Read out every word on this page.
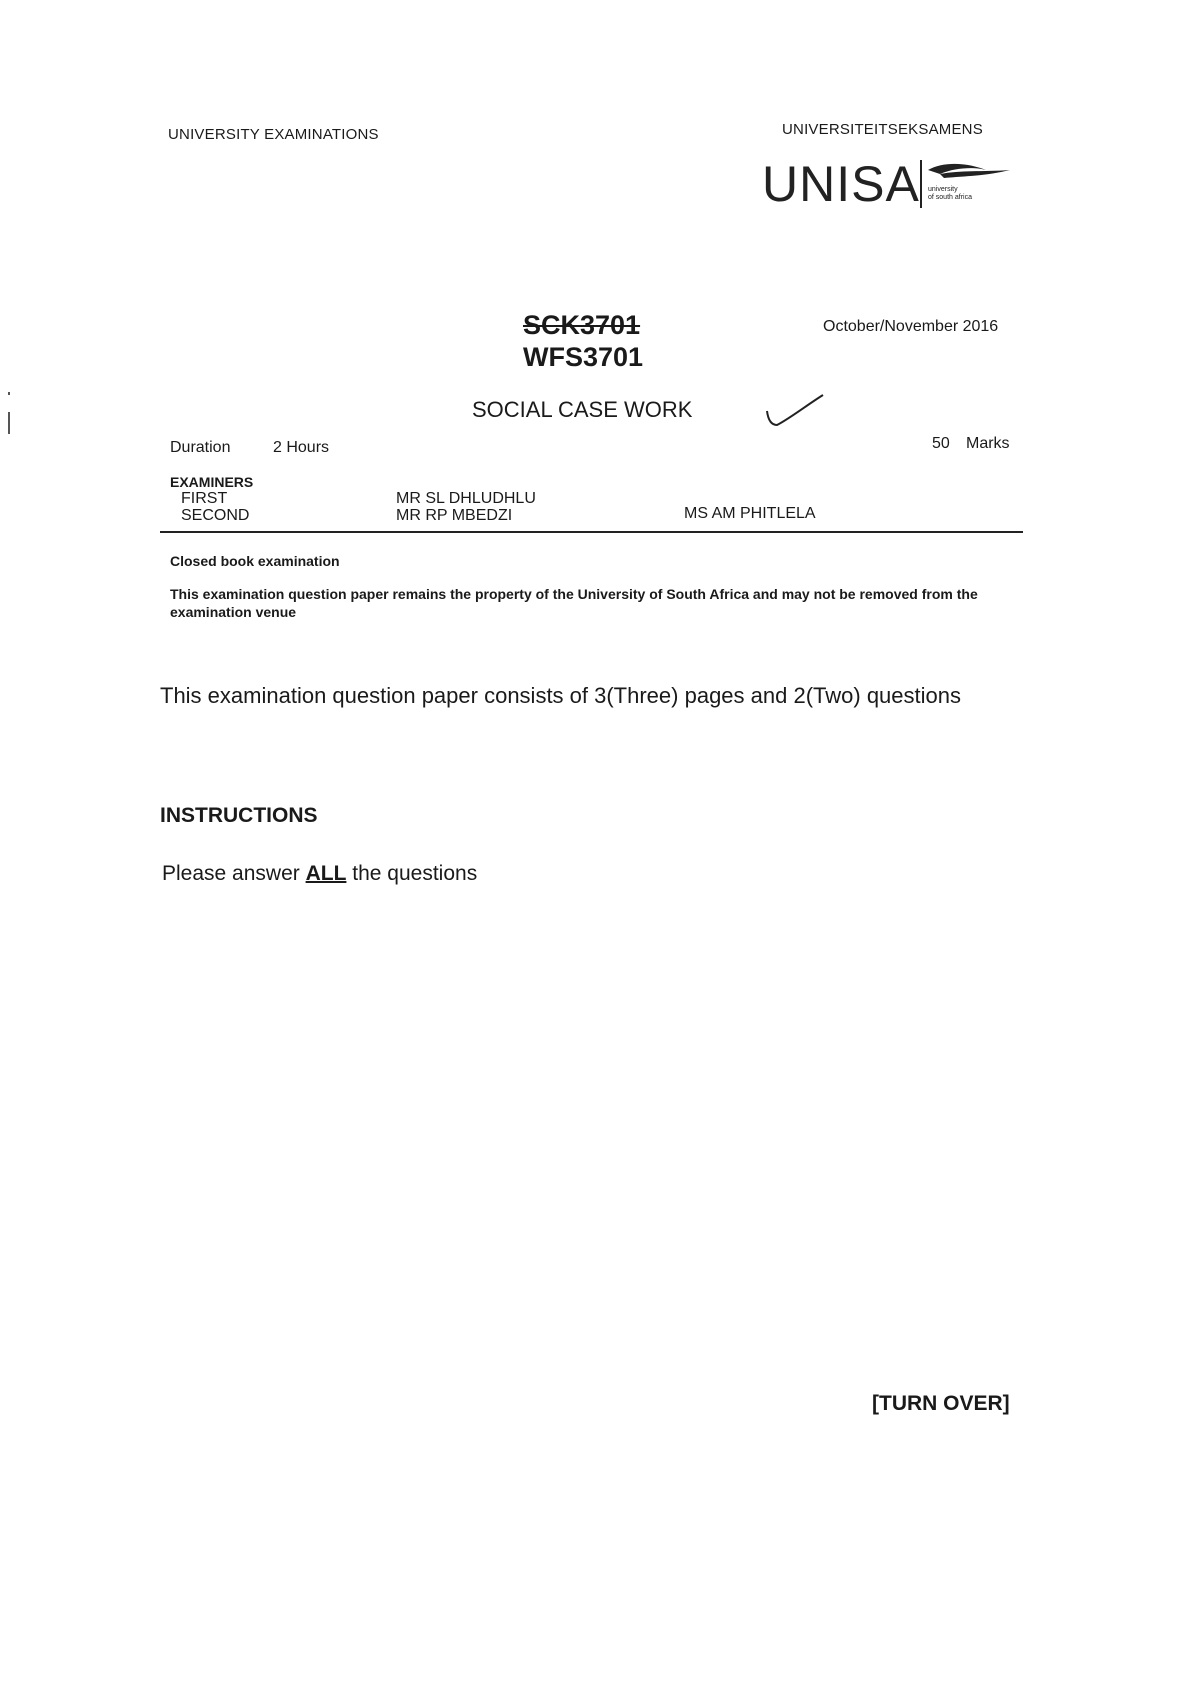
UNIVERSITY EXAMINATIONS	UNIVERSITEITSEKSAMENS
UNISA university
of south africa
SCK3701
WFS3701
October/November 2016
SOCIAL CASE WORK
Duration	2 Hours	50 Marks
EXAMINERS
FIRST	MR SL DHLUDHLU
SECOND	MR RP MBEDZI	MS AM PHITLELA
Closed book examination
This examination question paper remains the property of the University of South Africa and may not be removed from the examination venue
This examination question paper consists of 3(Three) pages and 2(Two) questions
INSTRUCTIONS
Please answer ALL the questions
[TURN OVER]
